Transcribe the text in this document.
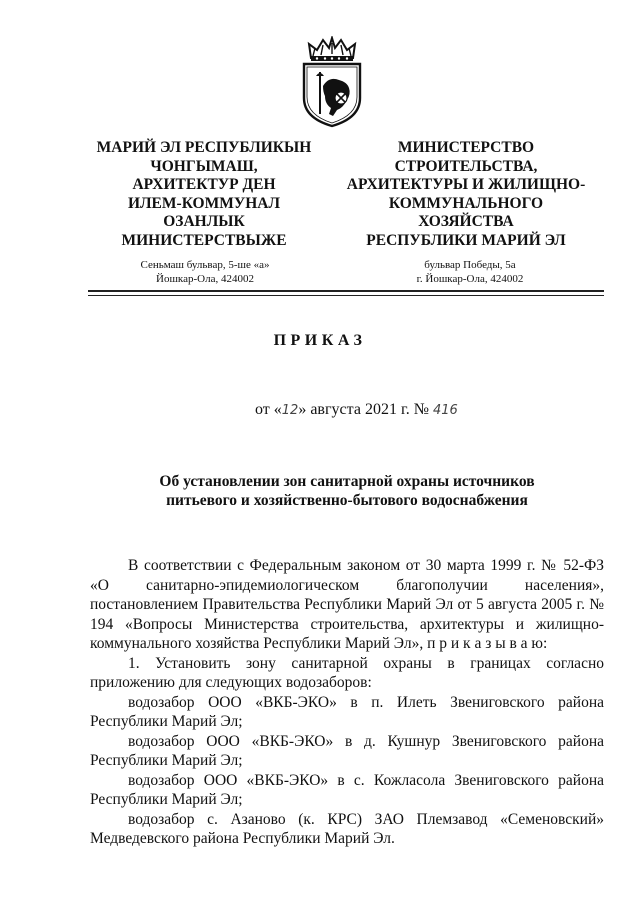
МАРИЙ ЭЛ РЕСПУБЛИКЫН

ЧОНГЫМАШ,

АРХИТЕКТУР ДЕН

ИЛЕМ-КОММУНАЛ

ОЗАНЛЫК

МИНИСТЕРСТВЫЖЕ

МИНИСТЕРСТВО

СТРОИТЕЛЬСТВА,

АРХИТЕКТУРЫ И ЖИЛИЩНО-

КОММУНАЛЬНОГО

ХОЗЯЙСТВА

РЕСПУБЛИКИ МАРИЙ ЭЛ

Сеньмаш бульвар, 5-ше «а»

Йошкар-Ола, 424002

бульвар Победы, 5а

г. Йошкар-Ола, 424002

ПРИКАЗ
от «12» августа 2021 г. № 416
Об установлении зон санитарной охраны источников
питьевого и хозяйственно-бытового водоснабжения

В соответствии с Федеральным законом от 30 марта 1999 г. № 52-ФЗ «О санитарно-эпидемиологическом благополучии населения», постановлением Правительства Республики Марий Эл от 5 августа 2005 г. № 194 «Вопросы Министерства строительства, архитектуры и жилищно-коммунального хозяйства Республики Марий Эл», п р и к а з ы в а ю:

1. Установить зону санитарной охраны в границах согласно приложению для следующих водозаборов:

водозабор ООО «ВКБ-ЭКО» в п. Илеть Звениговского района Республики Марий Эл;

водозабор ООО «ВКБ-ЭКО» в д. Кушнур Звениговского района Республики Марий Эл;

водозабор ООО «ВКБ-ЭКО» в с. Кожласола Звениговского района Республики Марий Эл;

водозабор с. Азаново (к. КРС) ЗАО Племзавод «Семеновский» Медведевского района Республики Марий Эл.
